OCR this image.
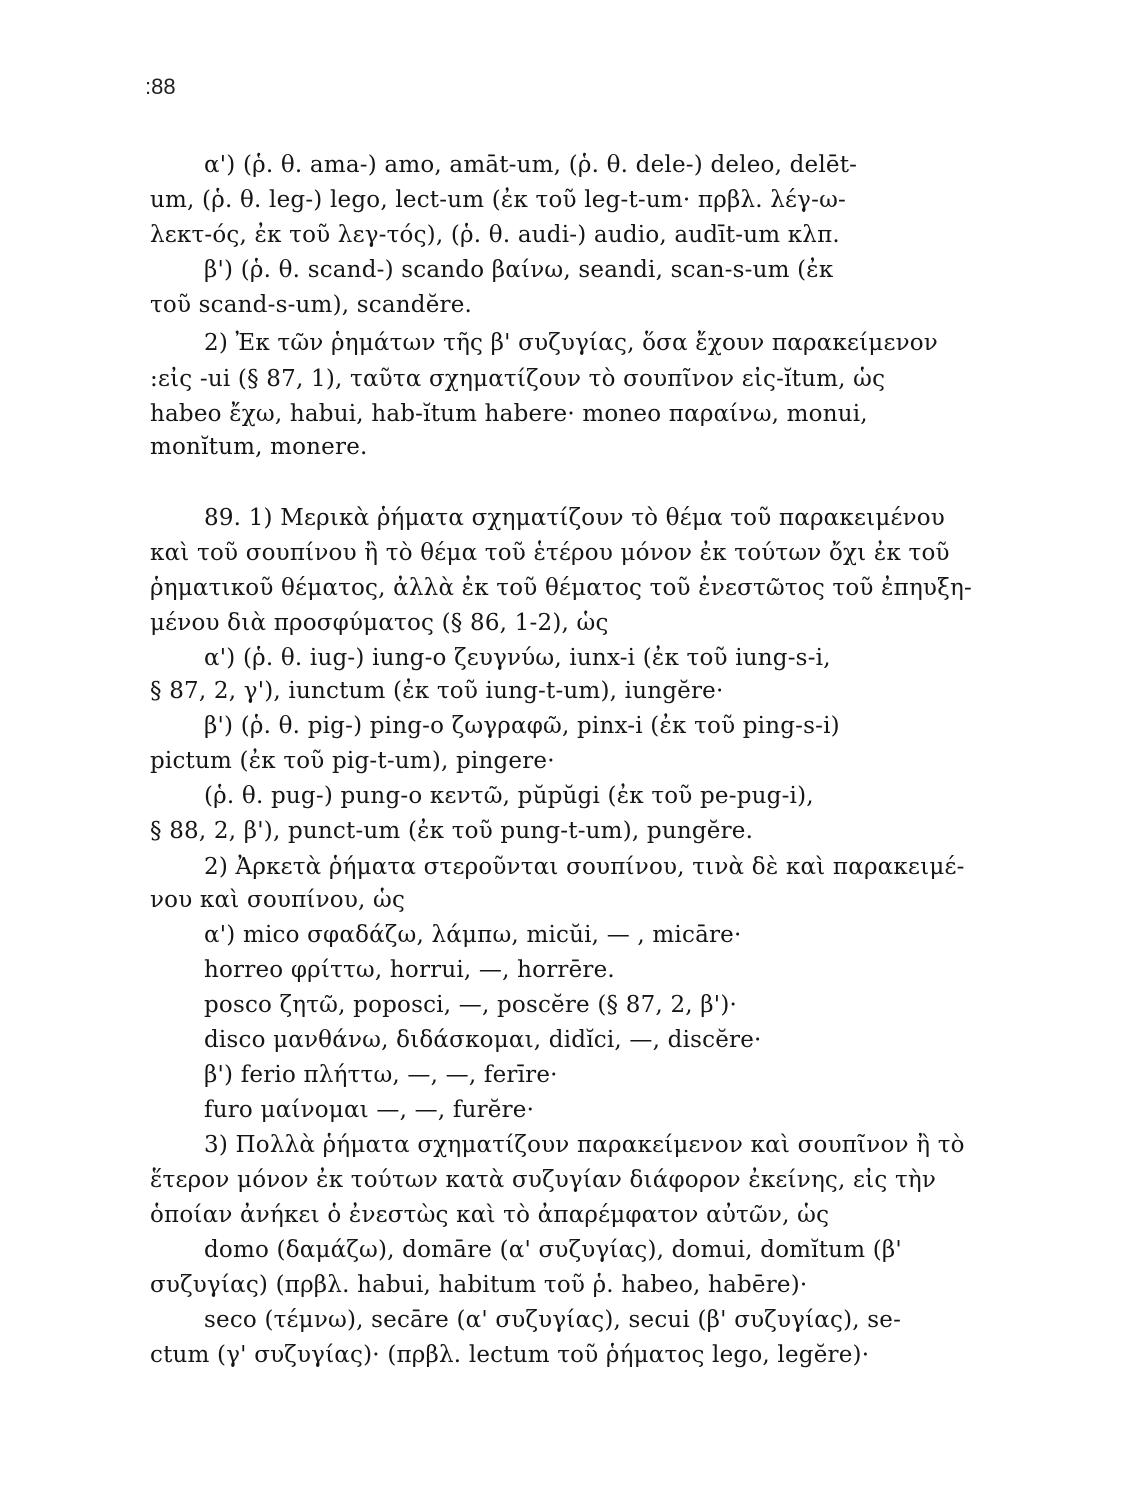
:88
α') (ῥ. θ. ama-) amo, amāt-um, (ῥ. θ. dele-) deleo, delēt-
um, (ῥ. θ. leg-) lego, lect-um (ἐκ τοῦ leg-t-um· πρβλ. λέγ-ω-
λεκτ-ός, ἐκ τοῦ λεγ-τός), (ῥ. θ. audi-) audio, audīt-um κλπ.
β') (ῥ. θ. scand-) scando βαίνω, seandi, scan-s-um (ἐκ
τοῦ scand-s-um), scandĕre.
2) Ἐκ τῶν ῥημάτων τῆς β' συζυγίας, ὅσα ἔχουν παρακείμενον
:εἰς -ui (§ 87, 1), ταῦτα σχηματίζουν τὸ σουπῖνον εἰς-ĭtum, ὡς
habeo ἔχω, habui, hab-ĭtum habere· moneo παραίνω, monui,
monĭtum, monere.
89. 1) Μερικὰ ῥήματα σχηματίζουν τὸ θέμα τοῦ παρακειμένου
καὶ τοῦ σουπίνου ἢ τὸ θέμα τοῦ ἑτέρου μόνον ἐκ τούτων ὄχι ἐκ τοῦ
ῥηματικοῦ θέματος, ἀλλὰ ἐκ τοῦ θέματος τοῦ ἐνεστῶτος τοῦ ἐπηυξη-
μένου διὰ προσφύματος (§ 86, 1-2), ὡς
α') (ῥ. θ. iug-) iung-o ζευγνύω, iunx-i (ἐκ τοῦ iung-s-i,
§ 87, 2, γ'), iunctum (ἐκ τοῦ iung-t-um), iungĕre·
β') (ῥ. θ. pig-) ping-o ζωγραφῶ, pinx-i (ἐκ τοῦ ping-s-i)
pictum (ἐκ τοῦ pig-t-um), pingere·
(ῥ. θ. pug-) pung-o κεντῶ, pŭpŭgi (ἐκ τοῦ pe-pug-i),
§ 88, 2, β'), punct-um (ἐκ τοῦ pung-t-um), pungĕre.
2) Ἀρκετὰ ῥήματα στεροῦνται σουπίνου, τινὰ δὲ καὶ παρακειμέ-
νου καὶ σουπίνου, ὡς
α') mico σφαδάζω, λάμπω, micŭi, — , micāre·
horreo φρίττω, horrui, —, horrēre.
posco ζητῶ, poposci, —, poscĕre (§ 87, 2, β')·
disco μανθάνω, διδάσκομαι, didĭci, —, discĕre·
β') ferio πλήττω, —, —, ferīre·
furo μαίνομαι —, —, furĕre·
3) Πολλὰ ῥήματα σχηματίζουν παρακείμενον καὶ σουπῖνον ἢ τὸ
ἕτερον μόνον ἐκ τούτων κατὰ συζυγίαν διάφορον ἐκείνης, εἰς τὴν
ὁποίαν ἀνήκει ὁ ἐνεστὼς καὶ τὸ ἀπαρέμφατον αὐτῶν, ὡς
domo (δαμάζω), domāre (α' συζυγίας), domui, domĭtum (β'
συζυγίας) (πρβλ. habui, habitum τοῦ ῥ. habeo, habēre)·
seco (τέμνω), secāre (α' συζυγίας), secui (β' συζυγίας), se-
ctum (γ' συζυγίας)· (πρβλ. lectum τοῦ ῥήματος lego, legĕre)·
